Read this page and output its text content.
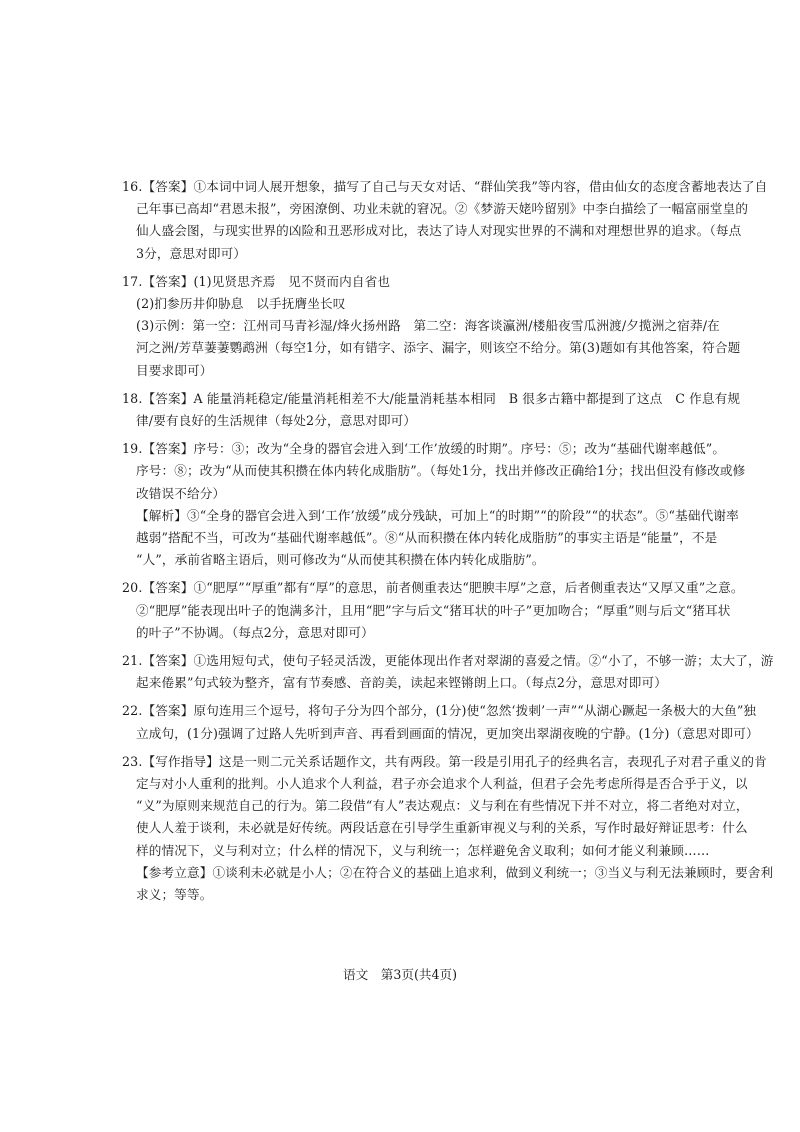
16.【答案】①本词中词人展开想象，描写了自己与天女对话、“群仙笑我”等内容，借由仙女的态度含蓄地表达了自
己年事已高却“君恩未报”，旁困潦倒、功业未就的窘况。②《梦游天姥吟留别》中李白描绘了一幅富丽堂皇的
仙人盛会图，与现实世界的凶险和丑恶形成对比，表达了诗人对现实世界的不满和对理想世界的追求。（每点
3分，意思对即可）
17.【答案】(1)见贤思齐焉　见不贤而内自省也
(2)扪参历井仰胁息　以手抚膺坐长叹
(3)示例：第一空：江州司马青衫湿/烽火扬州路　第二空：海客谈瀛洲/楼船夜雪瓜洲渡/夕揽洲之宿莽/在
河之洲/芳草萋萋鹦鹉洲（每空1分，如有错字、添字、漏字，则该空不给分。第(3)题如有其他答案，符合题
目要求即可）
18.【答案】A 能量消耗稳定/能量消耗相差不大/能量消耗基本相同　B 很多古籍中都提到了这点　C 作息有规
律/要有良好的生活规律（每处2分，意思对即可）
19.【答案】序号：③；改为“全身的器官会进入到‘工作’放缓的时期”。序号：⑤；改为“基础代谢率越低”。
序号：⑧；改为“从而使其积攒在体内转化成脂肪”。（每处1分，找出并修改正确给1分；找出但没有修改或修
改错误不给分）
【解析】③“全身的器官会进入到‘工作’放缓”成分残缺，可加上“的时期”“的阶段”“的状态”。⑤“基础代谢率
越弱”搭配不当，可改为“基础代谢率越低”。⑧“从而积攒在体内转化成脂肪”的事实主语是“能量”，不是
“人”，承前省略主语后，则可修改为“从而使其积攒在体内转化成脂肪”。
20.【答案】①“肥厚”“厚重”都有“厚”的意思，前者侧重表达“肥腴丰厚”之意，后者侧重表达“又厚又重”之意。
②“肥厚”能表现出叶子的饱满多汁，且用“肥”字与后文“猪耳状的叶子”更加吻合；“厚重”则与后文“猪耳状
的叶子”不协调。（每点2分，意思对即可）
21.【答案】①选用短句式，使句子轻灵活泼，更能体现出作者对翠湖的喜爱之情。②“小了，不够一游；太大了，游
起来倦累”句式较为整齐，富有节奏感、音韵美，读起来铿锵朗上口。（每点2分，意思对即可）
22.【答案】原句连用三个逗号，将句子分为四个部分，(1分)使“忽然‘拨刺’一声”“从湖心蹶起一条极大的大鱼”独
立成句，(1分)强调了过路人先听到声音、再看到画面的情况，更加突出翠湖夜晚的宁静。(1分)（意思对即可）
23.【写作指导】这是一则二元关系话题作文，共有两段。第一段是引用孔子的经典名言，表现孔子对君子重义的肯
定与对小人重利的批判。小人追求个人利益，君子亦会追求个人利益，但君子会先考虑所得是否合乎于义，以
“义”为原则来规范自己的行为。第二段借“有人”表达观点：义与利在有些情况下并不对立，将二者绝对对立，
使人人羞于谈利，未必就是好传统。两段话意在引导学生重新审视义与利的关系，写作时最好辩证思考：什么
样的情况下，义与利对立；什么样的情况下，义与利统一；怎样避免舍义取利；如何才能义利兼顾……
【参考立意】①谈利未必就是小人；②在符合义的基础上追求利，做到义利统一；③当义与利无法兼顾时，要舍利
求义；等等。
语文　第3页(共4页)
